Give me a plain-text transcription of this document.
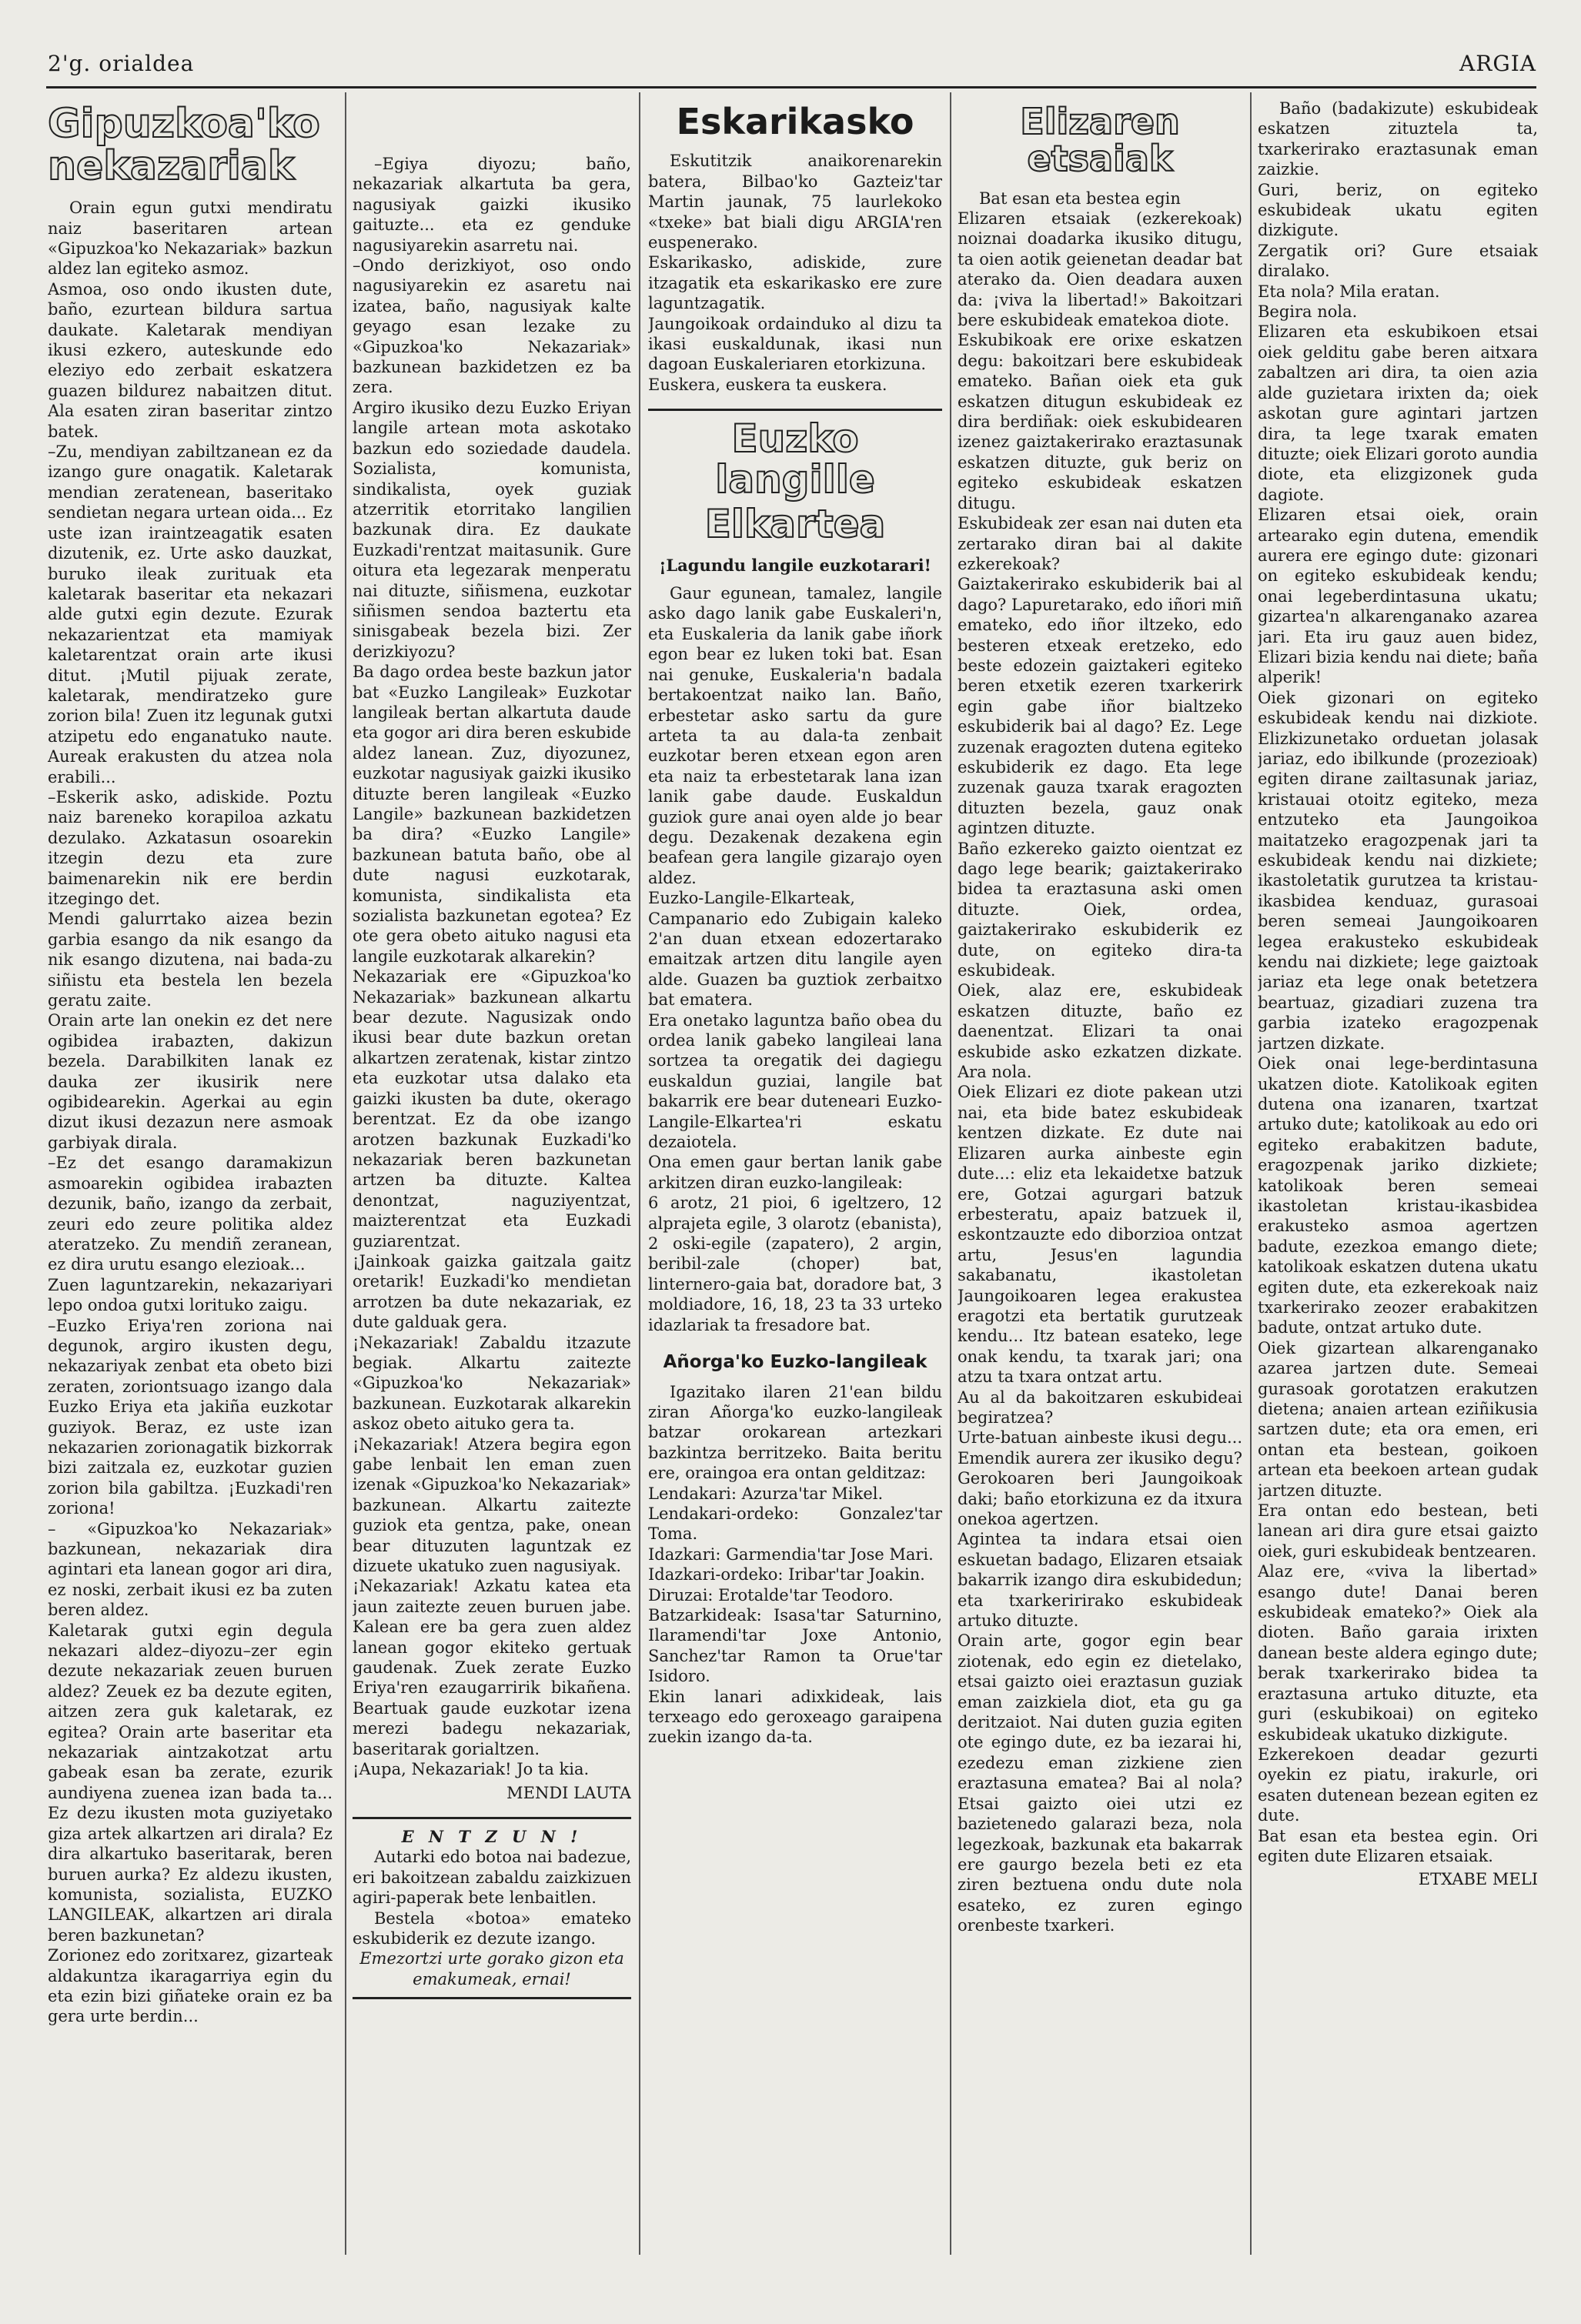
2'g. orialdea	ARGIA
Gipuzkoa'ko nekazariak

Orain egun gutxi mendiratu naiz baseritaren artean «Gipuzkoa'ko Nekazariak» bazkun aldez lan egiteko asmoz.
Asmoa, oso ondo ikusten dute, baño, ezurtean bildura sartua daukate. Kaletarak mendiyan ikusi ezkero, auteskunde edo eleziyo edo zerbait eskatzera guazen bildurez nabaitzen ditut. Ala esaten ziran baseritar zintzo batek.
–Zu, mendiyan zabiltzanean ez da izango gure onagatik. Kaletarak mendian zeratenean, baseritako sendietan negara urtean oida... Ez uste izan iraintzeagatik esaten dizutenik, ez. Urte asko dauzkat, buruko ileak zurituak eta kaletarak baseritar eta nekazari alde gutxi egin dezute. Ezurak nekazarientzat eta mamiyak kaletarentzat orain arte ikusi ditut. ¡Mutil pijuak zerate, kaletarak, mendiratzeko gure zorion bila! Zuen itz legunak gutxi atzipetu edo enganatuko naute. Aureak erakusten du atzea nola erabili...
–Eskerik asko, adiskide. Poztu naiz bareneko korapiloa azkatu dezulako. Azkatasun osoarekin itzegin dezu eta zure baimenarekin nik ere berdin itzegingo det.
Mendi galurrtako aizea bezin garbia esango da nik esango da nik esango dizutena, nai bada-zu siñistu eta bestela len bezela geratu zaite.
Orain arte lan onekin ez det nere ogibidea irabazten, dakizun bezela. Darabilkiten lanak ez dauka zer ikusirik nere ogibidearekin. Agerkai au egin dizut ikusi dezazun nere asmoak garbiyak dirala.
–Ez det esango daramakizun asmoarekin ogibidea irabazten dezunik, baño, izango da zerbait, zeuri edo zeure politika aldez ateratzeko. Zu mendiñ zeranean, ez dira urutu esango elezioak...
Zuen laguntzarekin, nekazariyari lepo ondoa gutxi lorituko zaigu.
–Euzko Eriya'ren zoriona nai degunok, argiro ikusten degu, nekazariyak zenbat eta obeto bizi zeraten, zoriontsuago izango dala Euzko Eriya eta jakiña euzkotar guziyok. Beraz, ez uste izan nekazarien zorionagatik bizkorrak bizi zaitzala ez, euzkotar guzien zorion bila gabiltza. ¡Euzkadi'ren zoriona!
– «Gipuzkoa'ko Nekazariak» bazkunean, nekazariak dira agintari eta lanean gogor ari dira, ez noski, zerbait ikusi ez ba zuten beren aldez.
Kaletarak gutxi egin degula nekazari aldez–diyozu–zer egin dezute nekazariak zeuen buruen aldez? Zeuek ez ba dezute egiten, aitzen zera guk kaletarak, ez egitea? Orain arte baseritar eta nekazariak aintzakotzat artu gabeak esan ba zerate, ezurik aundiyena zuenea izan bada ta... Ez dezu ikusten mota guziyetako giza artek alkartzen ari dirala? Ez dira alkartuko baseritarak, beren buruen aurka? Ez aldezu ikusten, komunista, sozialista, EUZKO LANGILEAK, alkartzen ari dirala beren bazkunetan?
Zorionez edo zoritxarez, gizarteak aldakuntza ikaragarriya egin du eta ezin bizi giñateke orain ez ba gera urte berdin...

–Egiya diyozu; baño, nekazariak alkartuta ba gera, nagusiyak gaizki ikusiko gaituzte... eta ez genduke nagusiyarekin asarretu nai.
–Ondo derizkiyot, oso ondo nagusiyarekin ez asaretu nai izatea, baño, nagusiyak kalte geyago esan lezake zu «Gipuzkoa'ko Nekazariak» bazkunean bazkidetzen ez ba zera.
Argiro ikusiko dezu Euzko Eriyan langile artean mota askotako bazkun edo soziedade daudela. Sozialista, komunista, sindikalista, oyek guziak atzerritik etorritako langilien bazkunak dira. Ez daukate Euzkadi'rentzat maitasunik. Gure oitura eta legezarak menperatu nai dituzte, siñismena, euzkotar siñismen sendoa baztertu eta sinisgabeak bezela bizi. Zer derizkiyozu?
Ba dago ordea beste bazkun jator bat «Euzko Langileak» Euzkotar langileak bertan alkartuta daude eta gogor ari dira beren eskubide aldez lanean. Zuz, diyozunez, euzkotar nagusiyak gaizki ikusiko dituzte beren langileak «Euzko Langile» bazkunean bazkidetzen ba dira? «Euzko Langile» bazkunean batuta baño, obe al dute nagusi euzkotarak, komunista, sindikalista eta sozialista bazkunetan egotea? Ez ote gera obeto aituko nagusi eta langile euzkotarak alkarekin?
Nekazariak ere «Gipuzkoa'ko Nekazariak» bazkunean alkartu bear dezute. Nagusizak ondo ikusi bear dute bazkun oretan alkartzen zeratenak, kistar zintzo eta euzkotar utsa dalako eta gaizki ikusten ba dute, okerago berentzat. Ez da obe izango arotzen bazkunak Euzkadi'ko nekazariak beren bazkunetan artzen ba dituzte. Kaltea denontzat, naguziyentzat, maizterentzat eta Euzkadi guziarentzat.
¡Jainkoak gaizka gaitzala gaitz oretarik! Euzkadi'ko mendietan arrotzen ba dute nekazariak, ez dute galduak gera.
¡Nekazariak! Zabaldu itzazute begiak. Alkartu zaitezte «Gipuzkoa'ko Nekazariak» bazkunean. Euzkotarak alkarekin askoz obeto aituko gera ta.
¡Nekazariak! Atzera begira egon gabe lenbait len eman zuen izenak «Gipuzkoa'ko Nekazariak» bazkunean. Alkartu zaitezte guziok eta gentza, pake, onean bear dituzuten laguntzak ez dizuete ukatuko zuen nagusiyak.
¡Nekazariak! Azkatu katea eta jaun zaitezte zeuen buruen jabe. Kalean ere ba gera zuen aldez lanean gogor ekiteko gertuak gaudenak. Zuek zerate Euzko Eriya'ren ezaugarririk bikañena. Beartuak gaude euzkotar izena merezi badegu nekazariak, baseritarak gorialtzen.
¡Aupa, Nekazariak! Jo ta kia.

MENDI LAUTA
E N T Z U N !

Autarki edo botoa nai badezue, eri bakoitzean zabaldu zaizkizuen agiri-paperak bete lenbaitlen.

Bestela «botoa» emateko eskubiderik ez dezute izango.

Emezortzi urte gorako gizon eta emakumeak, ernai!

Eskarikasko

Eskutitzik anaikorenarekin batera, Bilbao'ko Gazteiz'tar Martin jaunak, 75 laurlekoko «txeke» bat biali digu ARGIA'ren euspenerako.
Eskarikasko, adiskide, zure itzagatik eta eskarikasko ere zure laguntzagatik.
Jaungoikoak ordainduko al dizu ta ikasi euskaldunak, ikasi nun dagoan Euskaleriaren etorkizuna.
Euskera, euskera ta euskera.

Euzko langille
Elkartea
¡Lagundu langile euzkotarari!

Gaur egunean, tamalez, langile asko dago lanik gabe Euskaleri'n, eta Euskaleria da lanik gabe iñork egon bear ez luken toki bat. Esan nai genuke, Euskaleria'n badala bertakoentzat naiko lan. Baño, erbestetar asko sartu da gure arteta ta au dala-ta zenbait euzkotar beren etxean egon aren eta naiz ta erbestetarak lana izan lanik gabe daude. Euskaldun guziok gure anai oyen alde jo bear degu. Dezakenak dezakena egin beafean gera langile gizarajo oyen aldez.
Euzko-Langile-Elkarteak, Campanario edo Zubigain kaleko 2'an duan etxean edozertarako emaitzak artzen ditu langile ayen alde. Guazen ba guztiok zerbaitxo bat ematera.
Era onetako laguntza baño obea du ordea lanik gabeko langileai lana sortzea ta oregatik dei dagiegu euskaldun guziai, langile bat bakarrik ere bear duteneari Euzko-Langile-Elkartea'ri eskatu dezaiotela.
Ona emen gaur bertan lanik gabe arkitzen diran euzko-langileak:
6 arotz, 21 pioi, 6 igeltzero, 12 alprajeta egile, 3 olarotz (ebanista), 2 oski-egile (zapatero), 2 argin, beribil-zale (choper) bat, linternero-gaia bat, doradore bat, 3 moldiadore, 16, 18, 23 ta 33 urteko idazlariak ta fresadore bat.

Añorga'ko Euzko-langileak

Igazitako ilaren 21'ean bildu ziran Añorga'ko euzko-langileak batzar orokarean artezkari bazkintza berritzeko. Baita beritu ere, oraingoa era ontan gelditzaz:
Lendakari: Azurza'tar Mikel.
Lendakari-ordeko: Gonzalez'tar Toma.
Idazkari: Garmendia'tar Jose Mari.
Idazkari-ordeko: Iribar'tar Joakin.
Diruzai: Erotalde'tar Teodoro.
Batzarkideak: Isasa'tar Saturnino, Ilaramendi'tar Joxe Antonio, Sanchez'tar Ramon ta Orue'tar Isidoro.
Ekin lanari adixkideak, lais terxeago edo geroxeago garaipena zuekin izango da-ta.

Elizaren etsaiak

Bat esan eta bestea egin
Elizaren etsaiak (ezkerekoak) noiznai doadarka ikusiko ditugu, ta oien aotik geienetan deadar bat aterako da. Oien deadara auxen da: ¡viva la libertad!» Bakoitzari bere eskubideak ematekoa diote.
Eskubikoak ere orixe eskatzen degu: bakoitzari bere eskubideak emateko. Bañan oiek eta guk eskatzen ditugun eskubideak ez dira berdiñak: oiek eskubidearen izenez gaiztakerirako eraztasunak eskatzen dituzte, guk beriz on egiteko eskubideak eskatzen ditugu.
Eskubideak zer esan nai duten eta zertarako diran bai al dakite ezkerekoak?
Gaiztakerirako eskubiderik bai al dago? Lapuretarako, edo iñori miñ emateko, edo iñor iltzeko, edo besteren etxeak eretzeko, edo beste edozein gaiztakeri egiteko beren etxetik ezeren txarkerirk egin gabe iñor bialtzeko eskubiderik bai al dago? Ez. Lege zuzenak eragozten dutena egiteko eskubiderik ez dago. Eta lege zuzenak gauza txarak eragozten dituzten bezela, gauz onak agintzen dituzte.
Baño ezkereko gaizto oientzat ez dago lege bearik; gaiztakerirako bidea ta eraztasuna aski omen dituzte. Oiek, ordea, gaiztakerirako eskubiderik ez dute, on egiteko dira-ta eskubideak.
Oiek, alaz ere, eskubideak eskatzen dituzte, baño ez daenentzat. Elizari ta onai eskubide asko ezkatzen dizkate. Ara nola.
Oiek Elizari ez diote pakean utzi nai, eta bide batez eskubideak kentzen dizkate. Ez dute nai Elizaren aurka ainbeste egin dute...: eliz eta lekaidetxe batzuk ere, Gotzai agurgari batzuk erbesteratu, apaiz batzuek il, eskontzauzte edo diborzioa ontzat artu, Jesus'en lagundia sakabanatu, ikastoletan Jaungoikoaren legea erakustea eragotzi eta bertatik gurutzeak kendu... Itz batean esateko, lege onak kendu, ta txarak jari; ona atzu ta txara ontzat artu.
Au al da bakoitzaren eskubideai begiratzea?
Urte-batuan ainbeste ikusi degu... Emendik aurera zer ikusiko degu? Gerokoaren beri Jaungoikoak daki; baño etorkizuna ez da itxura onekoa agertzen.
Agintea ta indara etsai oien eskuetan badago, Elizaren etsaiak bakarrik izango dira eskubidedun; eta txarkeririrako eskubideak artuko dituzte.
Orain arte, gogor egin bear ziotenak, edo egin ez dietelako, etsai gaizto oiei eraztasun guziak eman zaizkiela diot, eta gu ga deritzaiot. Nai duten guzia egiten ote egingo dute, ez ba iezarai hi, ezedezu eman zizkiene zien eraztasuna ematea? Bai al nola? Etsai gaizto oiei utzi ez bazietenedo galarazi beza, nola legezkoak, bazkunak eta bakarrak ere gaurgo bezela beti ez eta ziren beztuena ondu dute nola esateko, ez zuren egingo orenbeste txarkeri.

Baño (badakizute) eskubideak eskatzen zituztela ta, txarkerirako eraztasunak eman zaizkie.
Guri, beriz, on egiteko eskubideak ukatu egiten dizkigute.
Zergatik ori? Gure etsaiak diralako.
Eta nola? Mila eratan.
Begira nola.
Elizaren eta eskubikoen etsai oiek gelditu gabe beren aitxara zabaltzen ari dira, ta oien azia alde guzietara irixten da; oiek askotan gure agintari jartzen dira, ta lege txarak ematen dituzte; oiek Elizari goroto aundia diote, eta elizgizonek guda dagiote.
Elizaren etsai oiek, orain artearako egin dutena, emendik aurera ere egingo dute: gizonari on egiteko eskubideak kendu; onai legeberdintasuna ukatu; gizartea'n alkarenganako azarea jari. Eta iru gauz auen bidez, Elizari bizia kendu nai diete; baña alperik!
Oiek gizonari on egiteko eskubideak kendu nai dizkiote. Elizkizunetako orduetan jolasak jariaz, edo ibilkunde (prozezioak) egiten dirane zailtasunak jariaz, kristauai otoitz egiteko, meza entzuteko eta Jaungoikoa maitatzeko eragozpenak jari ta eskubideak kendu nai dizkiete; ikastoletatik gurutzea ta kristau-ikasbidea kenduaz, gurasoai beren semeai Jaungoikoaren legea erakusteko eskubideak kendu nai dizkiete; lege gaiztoak jariaz eta lege onak betetzera beartuaz, gizadiari zuzena tra garbia izateko eragozpenak jartzen dizkate.
Oiek onai lege-berdintasuna ukatzen diote. Katolikoak egiten dutena ona izanaren, txartzat artuko dute; katolikoak au edo ori egiteko erabakitzen badute, eragozpenak jariko dizkiete; katolikoak beren semeai ikastoletan kristau-ikasbidea erakusteko asmoa agertzen badute, ezezkoa emango diete; katolikoak eskatzen dutena ukatu egiten dute, eta ezkerekoak naiz txarkerirako zeozer erabakitzen badute, ontzat artuko dute.
Oiek gizartean alkarenganako azarea jartzen dute. Semeai gurasoak gorotatzen erakutzen dietena; anaien artean eziñikusia sartzen dute; eta ora emen, eri ontan eta bestean, goikoen artean eta beekoen artean gudak jartzen dituzte.
Era ontan edo bestean, beti lanean ari dira gure etsai gaizto oiek, guri eskubideak bentzearen.
Alaz ere, «viva la libertad» esango dute! Danai beren eskubideak emateko?» Oiek ala dioten. Baño garaia irixten danean beste aldera egingo dute; berak txarkerirako bidea ta eraztasuna artuko dituzte, eta guri (eskubikoai) on egiteko eskubideak ukatuko dizkigute.
Ezkerekoen deadar gezurti oyekin ez piatu, irakurle, ori esaten dutenean bezean egiten ez dute.
Bat esan eta bestea egin. Ori egiten dute Elizaren etsaiak.

ETXABE MELI
